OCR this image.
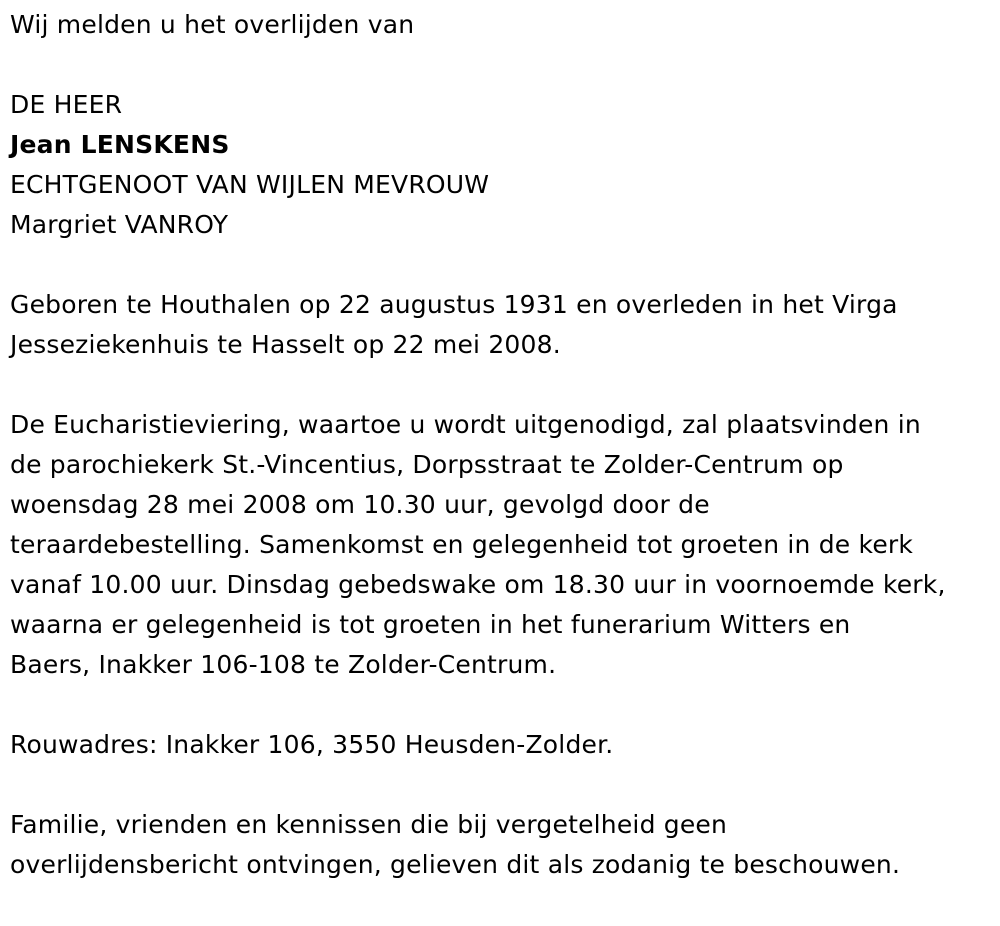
Wij melden u het overlijden van
DE HEER
Jean LENSKENS
ECHTGENOOT VAN WIJLEN MEVROUW
Margriet VANROY
Geboren te Houthalen op 22 augustus 1931 en overleden in het Virga
Jesseziekenhuis te Hasselt op 22 mei 2008.
De Eucharistieviering, waartoe u wordt uitgenodigd, zal plaatsvinden in
de parochiekerk St.-Vincentius, Dorpsstraat te Zolder-Centrum op
woensdag 28 mei 2008 om 10.30 uur, gevolgd door de
teraardebestelling. Samenkomst en gelegenheid tot groeten in de kerk
vanaf 10.00 uur. Dinsdag gebedswake om 18.30 uur in voornoemde kerk,
waarna er gelegenheid is tot groeten in het funerarium Witters en
Baers, Inakker 106-108 te Zolder-Centrum.
Rouwadres: Inakker 106, 3550 Heusden-Zolder.
Familie, vrienden en kennissen die bij vergetelheid geen
overlijdensbericht ontvingen, gelieven dit als zodanig te beschouwen.
